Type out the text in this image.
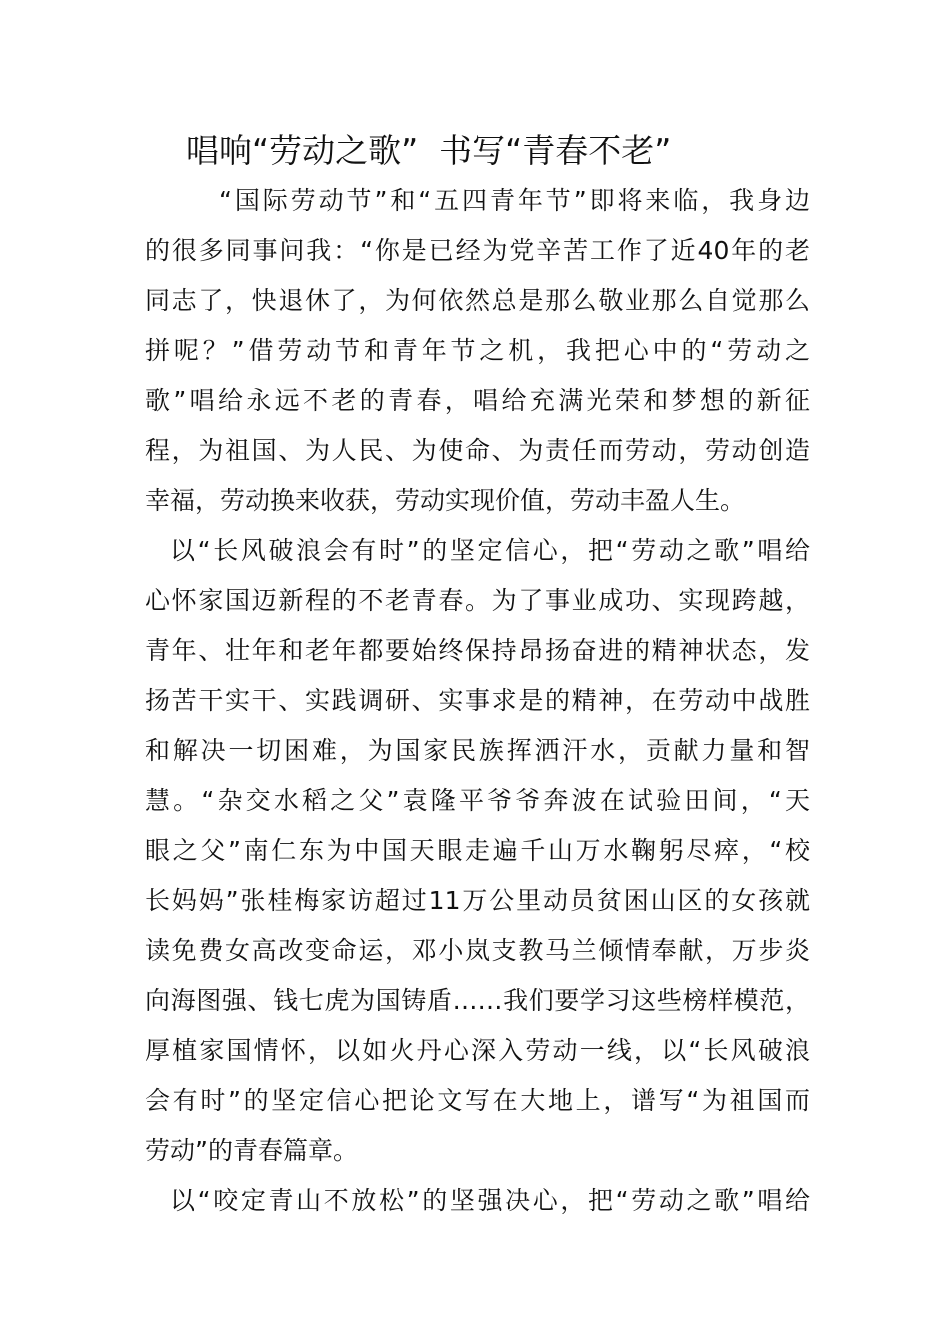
唱响“劳动之歌”  书写“青春不老”

“国际劳动节”和“五四青年节”即将来临，我身边

的很多同事问我：“你是已经为党辛苦工作了近40年的老

同志了，快退休了，为何依然总是那么敬业那么自觉那么

拼呢？”借劳动节和青年节之机，我把心中的“劳动之

歌”唱给永远不老的青春，唱给充满光荣和梦想的新征

程，为祖国、为人民、为使命、为责任而劳动，劳动创造

幸福，劳动换来收获，劳动实现价值，劳动丰盈人生。

以“长风破浪会有时”的坚定信心，把“劳动之歌”唱给

心怀家国迈新程的不老青春。为了事业成功、实现跨越，

青年、壮年和老年都要始终保持昂扬奋进的精神状态，发

扬苦干实干、实践调研、实事求是的精神，在劳动中战胜

和解决一切困难，为国家民族挥洒汗水，贡献力量和智

慧。“杂交水稻之父”袁隆平爷爷奔波在试验田间，“天

眼之父”南仁东为中国天眼走遍千山万水鞠躬尽瘁，“校

长妈妈”张桂梅家访超过11万公里动员贫困山区的女孩就

读免费女高改变命运，邓小岚支教马兰倾情奉献，万步炎

向海图强、钱七虎为国铸盾……我们要学习这些榜样模范，

厚植家国情怀，以如火丹心深入劳动一线，以“长风破浪

会有时”的坚定信心把论文写在大地上，谱写“为祖国而

劳动”的青春篇章。

以“咬定青山不放松”的坚强决心，把“劳动之歌”唱给
